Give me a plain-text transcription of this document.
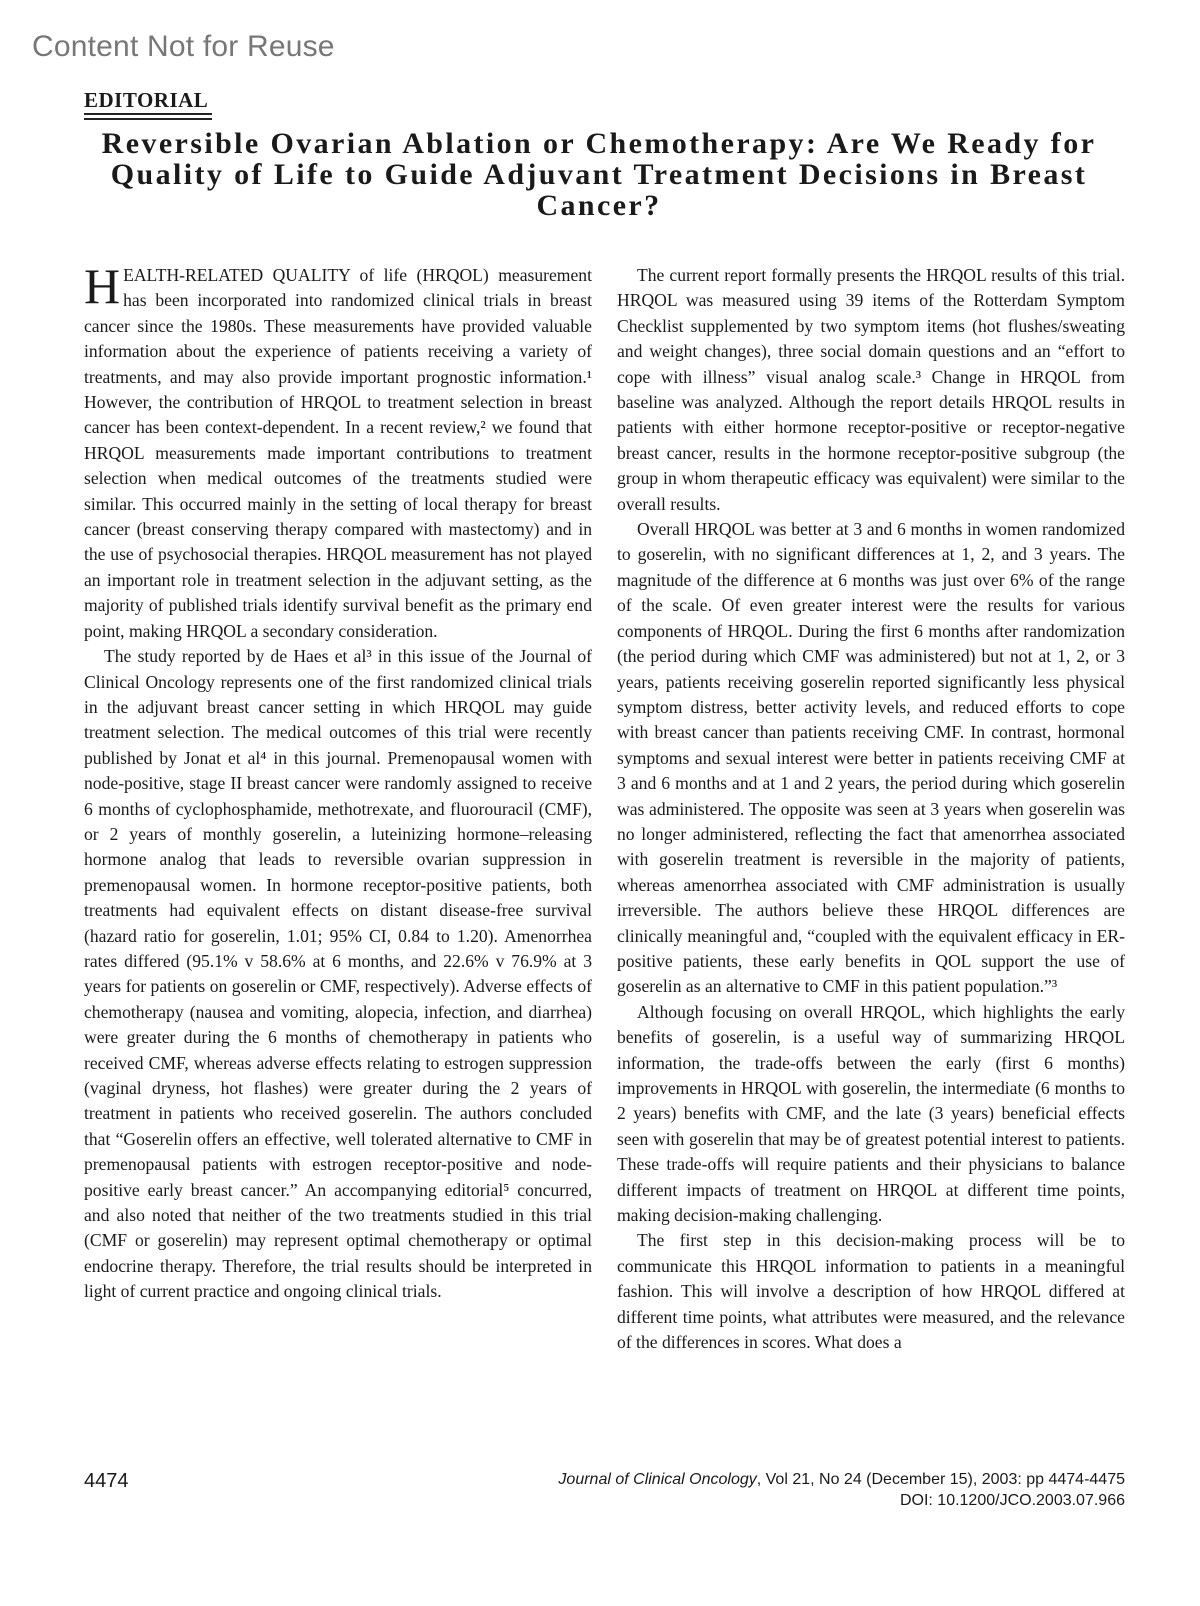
Content Not for Reuse
EDITORIAL
Reversible Ovarian Ablation or Chemotherapy: Are We Ready for Quality of Life to Guide Adjuvant Treatment Decisions in Breast Cancer?

HEALTH-RELATED QUALITY of life (HRQOL) measurement has been incorporated into randomized clinical trials in breast cancer since the 1980s. These measurements have provided valuable information about the experience of patients receiving a variety of treatments, and may also provide important prognostic information.¹ However, the contribution of HRQOL to treatment selection in breast cancer has been context-dependent. In a recent review,² we found that HRQOL measurements made important contributions to treatment selection when medical outcomes of the treatments studied were similar. This occurred mainly in the setting of local therapy for breast cancer (breast conserving therapy compared with mastectomy) and in the use of psychosocial therapies. HRQOL measurement has not played an important role in treatment selection in the adjuvant setting, as the majority of published trials identify survival benefit as the primary end point, making HRQOL a secondary consideration.

The study reported by de Haes et al³ in this issue of the Journal of Clinical Oncology represents one of the first randomized clinical trials in the adjuvant breast cancer setting in which HRQOL may guide treatment selection. The medical outcomes of this trial were recently published by Jonat et al⁴ in this journal. Premenopausal women with node-positive, stage II breast cancer were randomly assigned to receive 6 months of cyclophosphamide, methotrexate, and fluorouracil (CMF), or 2 years of monthly goserelin, a luteinizing hormone–releasing hormone analog that leads to reversible ovarian suppression in premenopausal women. In hormone receptor-positive patients, both treatments had equivalent effects on distant disease-free survival (hazard ratio for goserelin, 1.01; 95% CI, 0.84 to 1.20). Amenorrhea rates differed (95.1% v 58.6% at 6 months, and 22.6% v 76.9% at 3 years for patients on goserelin or CMF, respectively). Adverse effects of chemotherapy (nausea and vomiting, alopecia, infection, and diarrhea) were greater during the 6 months of chemotherapy in patients who received CMF, whereas adverse effects relating to estrogen suppression (vaginal dryness, hot flashes) were greater during the 2 years of treatment in patients who received goserelin. The authors concluded that “Goserelin offers an effective, well tolerated alternative to CMF in premenopausal patients with estrogen receptor-positive and node-positive early breast cancer.” An accompanying editorial⁵ concurred, and also noted that neither of the two treatments studied in this trial (CMF or goserelin) may represent optimal chemotherapy or optimal endocrine therapy. Therefore, the trial results should be interpreted in light of current practice and ongoing clinical trials.

The current report formally presents the HRQOL results of this trial. HRQOL was measured using 39 items of the Rotterdam Symptom Checklist supplemented by two symptom items (hot flushes/sweating and weight changes), three social domain questions and an “effort to cope with illness” visual analog scale.³ Change in HRQOL from baseline was analyzed. Although the report details HRQOL results in patients with either hormone receptor-positive or receptor-negative breast cancer, results in the hormone receptor-positive subgroup (the group in whom therapeutic efficacy was equivalent) were similar to the overall results.

Overall HRQOL was better at 3 and 6 months in women randomized to goserelin, with no significant differences at 1, 2, and 3 years. The magnitude of the difference at 6 months was just over 6% of the range of the scale. Of even greater interest were the results for various components of HRQOL. During the first 6 months after randomization (the period during which CMF was administered) but not at 1, 2, or 3 years, patients receiving goserelin reported significantly less physical symptom distress, better activity levels, and reduced efforts to cope with breast cancer than patients receiving CMF. In contrast, hormonal symptoms and sexual interest were better in patients receiving CMF at 3 and 6 months and at 1 and 2 years, the period during which goserelin was administered. The opposite was seen at 3 years when goserelin was no longer administered, reflecting the fact that amenorrhea associated with goserelin treatment is reversible in the majority of patients, whereas amenorrhea associated with CMF administration is usually irreversible. The authors believe these HRQOL differences are clinically meaningful and, “coupled with the equivalent efficacy in ER-positive patients, these early benefits in QOL support the use of goserelin as an alternative to CMF in this patient population.”³

Although focusing on overall HRQOL, which highlights the early benefits of goserelin, is a useful way of summarizing HRQOL information, the trade-offs between the early (first 6 months) improvements in HRQOL with goserelin, the intermediate (6 months to 2 years) benefits with CMF, and the late (3 years) beneficial effects seen with goserelin that may be of greatest potential interest to patients. These trade-offs will require patients and their physicians to balance different impacts of treatment on HRQOL at different time points, making decision-making challenging.

The first step in this decision-making process will be to communicate this HRQOL information to patients in a meaningful fashion. This will involve a description of how HRQOL differed at different time points, what attributes were measured, and the relevance of the differences in scores. What does a

4474	Journal of Clinical Oncology, Vol 21, No 24 (December 15), 2003: pp 4474-4475
DOI: 10.1200/JCO.2003.07.966
